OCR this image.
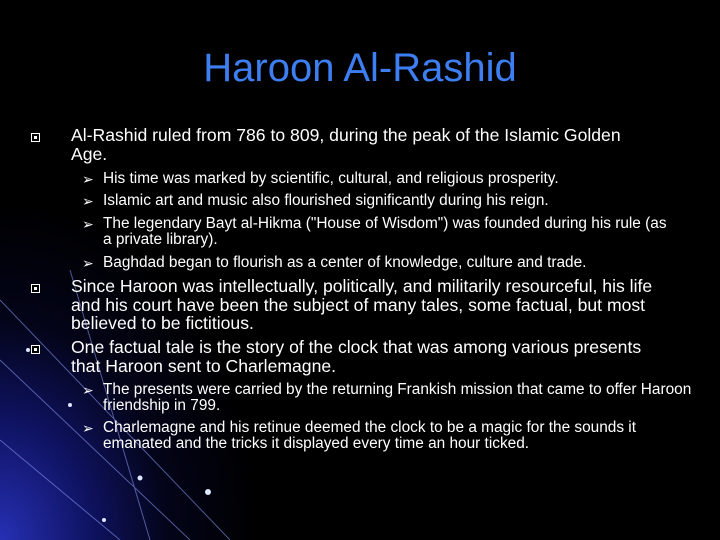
Haroon Al-Rashid
Al-Rashid ruled from 786 to 809, during the peak of the Islamic Golden Age.
➢ His time was marked by scientific, cultural, and religious prosperity.
➢ Islamic art and music also flourished significantly during his reign.
➢ The legendary Bayt al-Hikma ("House of Wisdom") was founded during his rule (as a private library).
➢ Baghdad began to flourish as a center of knowledge, culture and trade.
Since Haroon was intellectually, politically, and militarily resourceful, his life and his court have been the subject of many tales, some factual, but most believed to be fictitious.
One factual tale is the story of the clock that was among various presents that Haroon sent to Charlemagne.
➢ The presents were carried by the returning Frankish mission that came to offer Haroon friendship in 799.
➢ Charlemagne and his retinue deemed the clock to be a magic for the sounds it emanated and the tricks it displayed every time an hour ticked.
